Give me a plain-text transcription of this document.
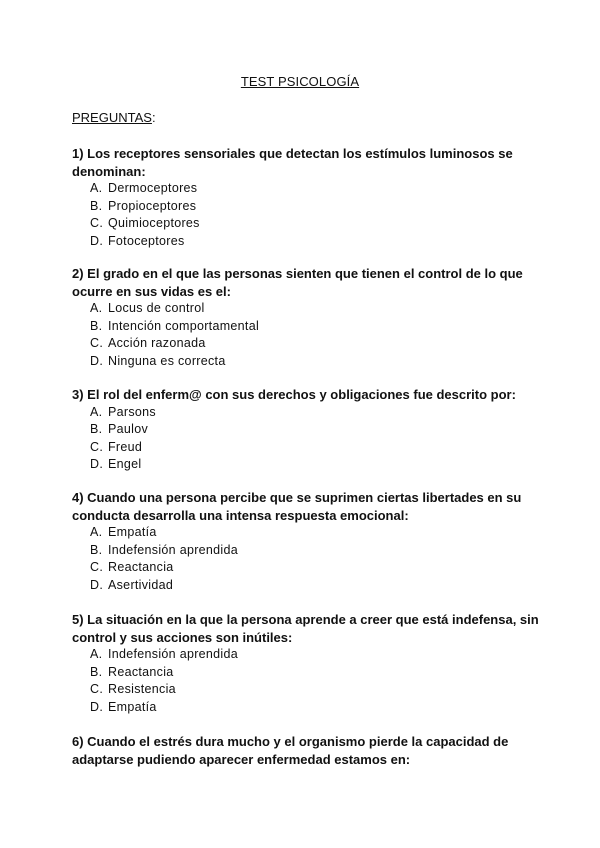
TEST PSICOLOGÍA
PREGUNTAS:

1) Los receptores sensoriales que detectan los estímulos luminosos se denominan:

A. Dermoceptores
B. Propioceptores
C. Quimioceptores
D. Fotoceptores

2) El grado en el que las personas sienten que tienen el control de lo que ocurre en sus vidas es el:

A. Locus de control
B. Intención comportamental
C. Acción razonada
D. Ninguna es correcta

3) El rol del enferm@ con sus derechos y obligaciones fue descrito por:

A. Parsons
B. Paulov
C. Freud
D. Engel

4) Cuando una persona percibe que se suprimen ciertas libertades en su conducta desarrolla una intensa respuesta emocional:

A. Empatía
B. Indefensión aprendida
C. Reactancia
D. Asertividad

5) La situación en la que la persona aprende a creer que está indefensa, sin control y sus acciones son inútiles:

A. Indefensión aprendida
B. Reactancia
C. Resistencia
D. Empatía

6) Cuando el estrés dura mucho y el organismo pierde la capacidad de adaptarse pudiendo aparecer enfermedad estamos en:
